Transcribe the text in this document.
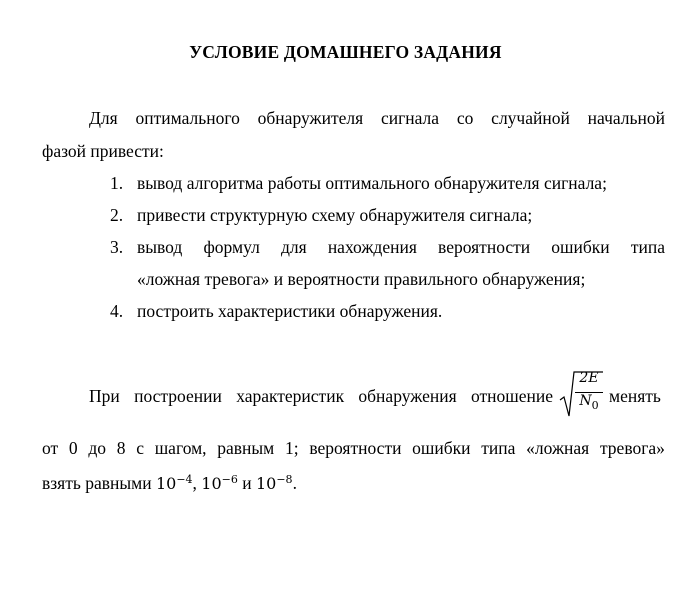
УСЛОВИЕ ДОМАШНЕГО ЗАДАНИЯ
Для оптимального обнаружителя сигнала со случайной начальной
фазой привести:
1. вывод алгоритма работы оптимального обнаружителя сигнала;
2. привести структурную схему обнаружителя сигнала;
3. вывод формул для нахождения вероятности ошибки типа
«ложная тревога» и вероятности правильного обнаружения;
4. построить характеристики обнаружения.
При построении характеристик обнаружения отношение
2E
$N_0$ менять
от 0 до 8 с шагом, равным 1; вероятности ошибки типа «ложная тревога»
взять равными $10^{-4}$, $10^{-6}$ и $10^{-8}$.
